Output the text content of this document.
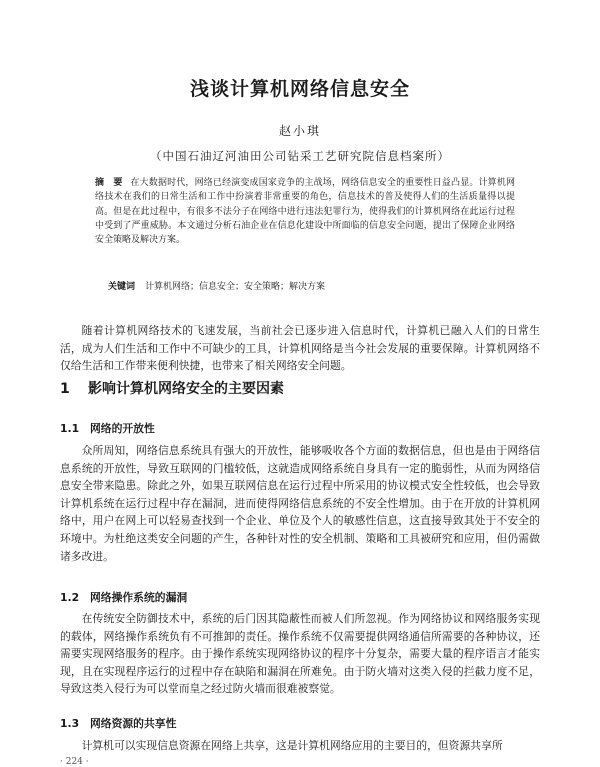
浅谈计算机网络信息安全
赵小琪
（中国石油辽河油田公司钻采工艺研究院信息档案所）
摘　要 在大数据时代，网络已经演变成国家竞争的主战场，网络信息安全的重要性日益凸显。计算机网络技术在我们的日常生活和工作中扮演着非常重要的角色，信息技术的普及使得人们的生活质量得以提高。但是在此过程中，有很多不法分子在网络中进行违法犯罪行为，使得我们的计算机网络在此运行过程中受到了严重威胁。本文通过分析石油企业在信息化建设中所面临的信息安全问题，提出了保障企业网络安全策略及解决方案。
关键词 计算机网络；信息安全；安全策略；解决方案
随着计算机网络技术的飞速发展，当前社会已逐步进入信息时代，计算机已融入人们的日常生活，成为人们生活和工作中不可缺少的工具，计算机网络是当今社会发展的重要保障。计算机网络不仅给生活和工作带来便利快捷，也带来了相关网络安全问题。
1 影响计算机网络安全的主要因素
1.1 网络的开放性
众所周知，网络信息系统具有强大的开放性，能够吸收各个方面的数据信息，但也是由于网络信息系统的开放性，导致互联网的门槛较低，这就造成网络系统自身具有一定的脆弱性，从而为网络信息安全带来隐患。除此之外，如果互联网信息在运行过程中所采用的协议模式安全性较低，也会导致计算机系统在运行过程中存在漏洞，进而使得网络信息系统的不安全性增加。由于在开放的计算机网络中，用户在网上可以轻易查找到一个企业、单位及个人的敏感性信息，这直接导致其处于不安全的环境中。为杜绝这类安全问题的产生，各种针对性的安全机制、策略和工具被研究和应用，但仍需做诸多改进。
1.2 网络操作系统的漏洞
在传统安全防御技术中，系统的后门因其隐蔽性而被人们所忽视。作为网络协议和网络服务实现的载体，网络操作系统负有不可推卸的责任。操作系统不仅需要提供网络通信所需要的各种协议，还需要实现网络服务的程序。由于操作系统实现网络协议的程序十分复杂，需要大量的程序语言才能实现，且在实现程序运行的过程中存在缺陷和漏洞在所难免。由于防火墙对这类入侵的拦截力度不足，导致这类入侵行为可以堂而皇之经过防火墙而很难被察觉。
1.3 网络资源的共享性
计算机可以实现信息资源在网络上共享，这是计算机网络应用的主要目的，但资源共享所
· 224 ·
